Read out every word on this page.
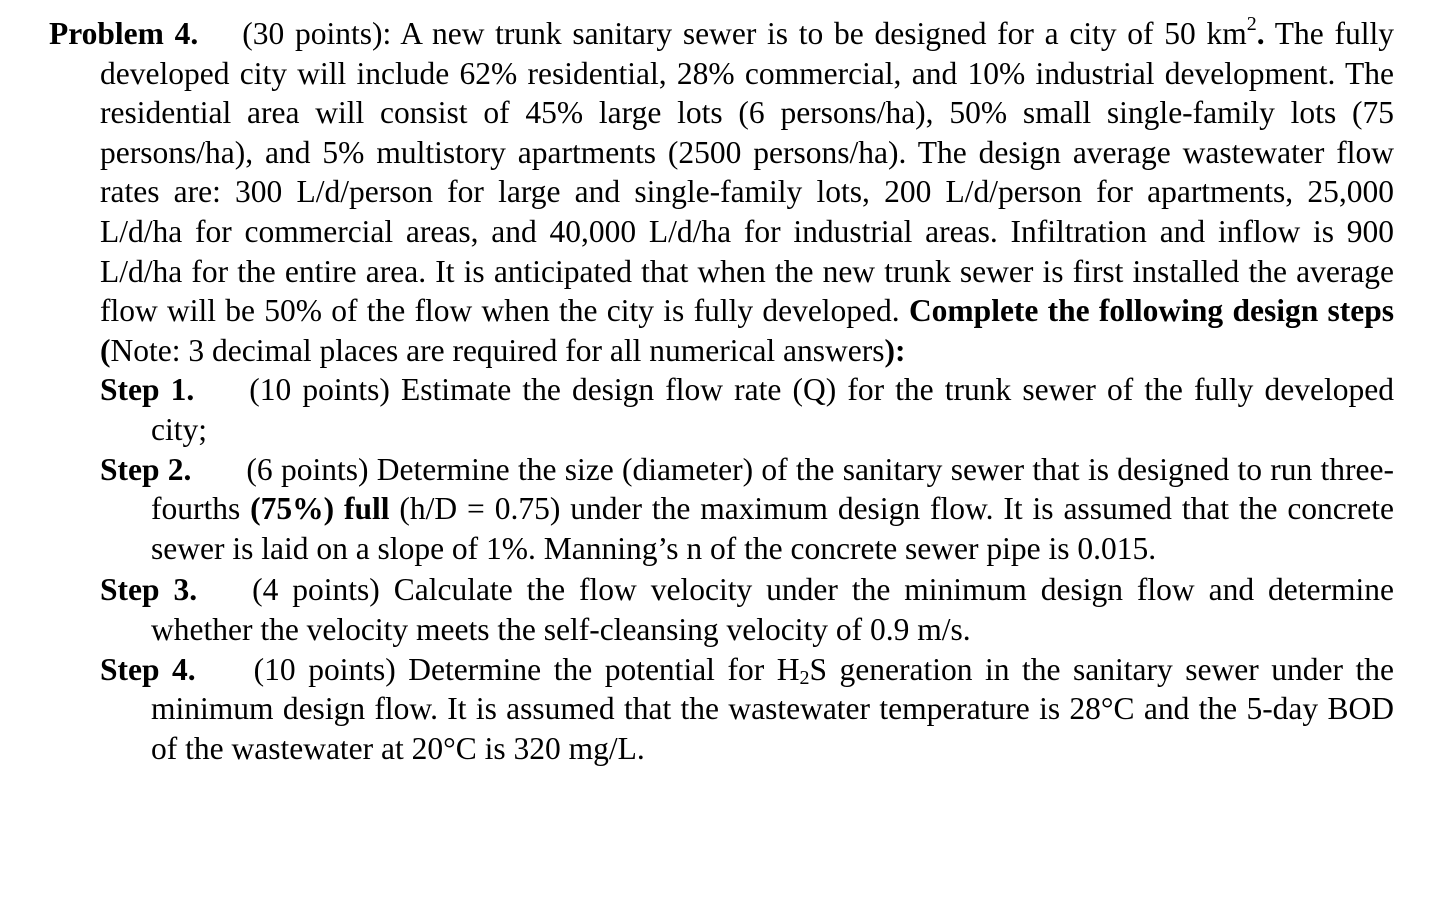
Problem 4. (30 points): A new trunk sanitary sewer is to be designed for a city of 50 $km^2$. The fully developed city will include 62% residential, 28% commercial, and 10% industrial development. The residential area will consist of 45% large lots (6 persons/ha), 50% small single-family lots (75 persons/ha), and 5% multistory apartments (2500 persons/ha). The design average wastewater flow rates are: 300 L/d/person for large and single-family lots, 200 L/d/person for apartments, 25,000 L/d/ha for commercial areas, and 40,000 L/d/ha for industrial areas. Infiltration and inflow is 900 L/d/ha for the entire area. It is anticipated that when the new trunk sewer is first installed the average flow will be 50% of the flow when the city is fully developed. Complete the following design steps (Note: 3 decimal places are required for all numerical answers):

Step 1. (10 points) Estimate the design flow rate (Q) for the trunk sewer of the fully developed city;

Step 2. (6 points) Determine the size (diameter) of the sanitary sewer that is designed to run three-fourths (75%) full (h/D = 0.75) under the maximum design flow. It is assumed that the concrete sewer is laid on a slope of 1%. Manning’s n of the concrete sewer pipe is 0.015.

Step 3. (4 points) Calculate the flow velocity under the minimum design flow and determine whether the velocity meets the self-cleansing velocity of 0.9 m/s.

Step 4. (10 points) Determine the potential for $H_2S$ generation in the sanitary sewer under the minimum design flow. It is assumed that the wastewater temperature is 28°C and the 5-day BOD of the wastewater at 20°C is 320 mg/L.
